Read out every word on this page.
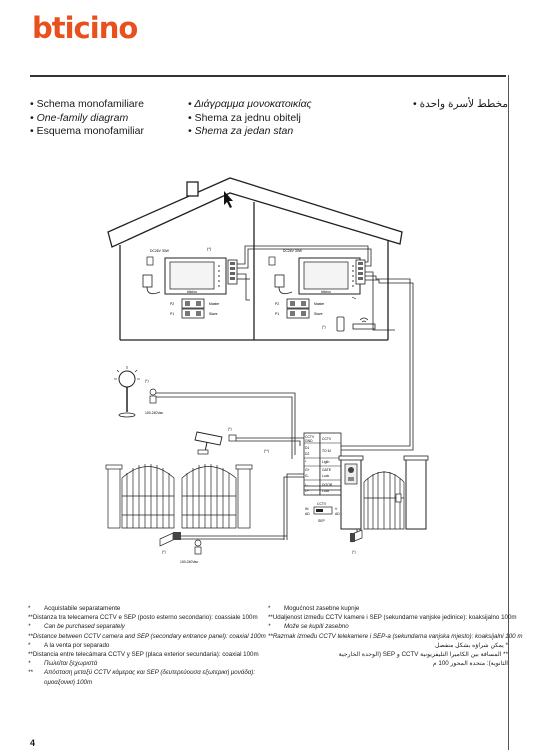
bticino
• Schema monofamiliare
• One-family diagram
• Esquema monofamiliar
• Διάγραμμα μονοκατοικίας
• Shema za jednu obitelj
• Shema za jedan stan
مخطط لأسرة واحدة •
bticino
DC26V 30W	(*)
P2
P1
Master
Slave
bticino
DC26V 30W
P2
P1
Master
Slave
(*)
(*)
100-240Vac
(*)
(**)
CCTV
GND
D1
D2
*
G+
G-
L-
L+
CCTV
TO IU
Ligth
GATE
Lock
DOOR
Lock
CCTV
IN
AD
V
AD
SEP
(*)
100-240Vac
(*)
*	Acquistabile separatamente
** Distanza tra telecamera CCTV e SEP (posto esterno secondario): coassiale 100m
*	Can be purchased separately
** Distance between CCTV camera and SEP (secondary entrance panel): coaxial 100m
*	A la venta por separado
** Distancia entre telecámara CCTV y SEP (placa exterior secundaria): coaxial 100m
*	Πωλείται ξεχωριστά
**	Απόσταση μεταξύ CCTV κάμερας και SEP (δευτερεύουσα εξωτερική μονάδα):
ομοαξονική 100m
*	Mogućnost zasebne kupnje
** Udaljenost između CCTV kamere i SEP (sekundarne vanjske jedinice): koaksijalno 100m
*	Može se kupiti zasebno
** Razmak između CCTV telekamere i SEP-a (sekundarna vanjska mjesto): koaksijalni 100 m
* يمكن شراؤه بشكل منفصل
** المسافة بين الكاميرا التليفزيونية CCTV و SEP (الوحدة الخارجية
الثانوية): متحدة المحور 100 م
4
